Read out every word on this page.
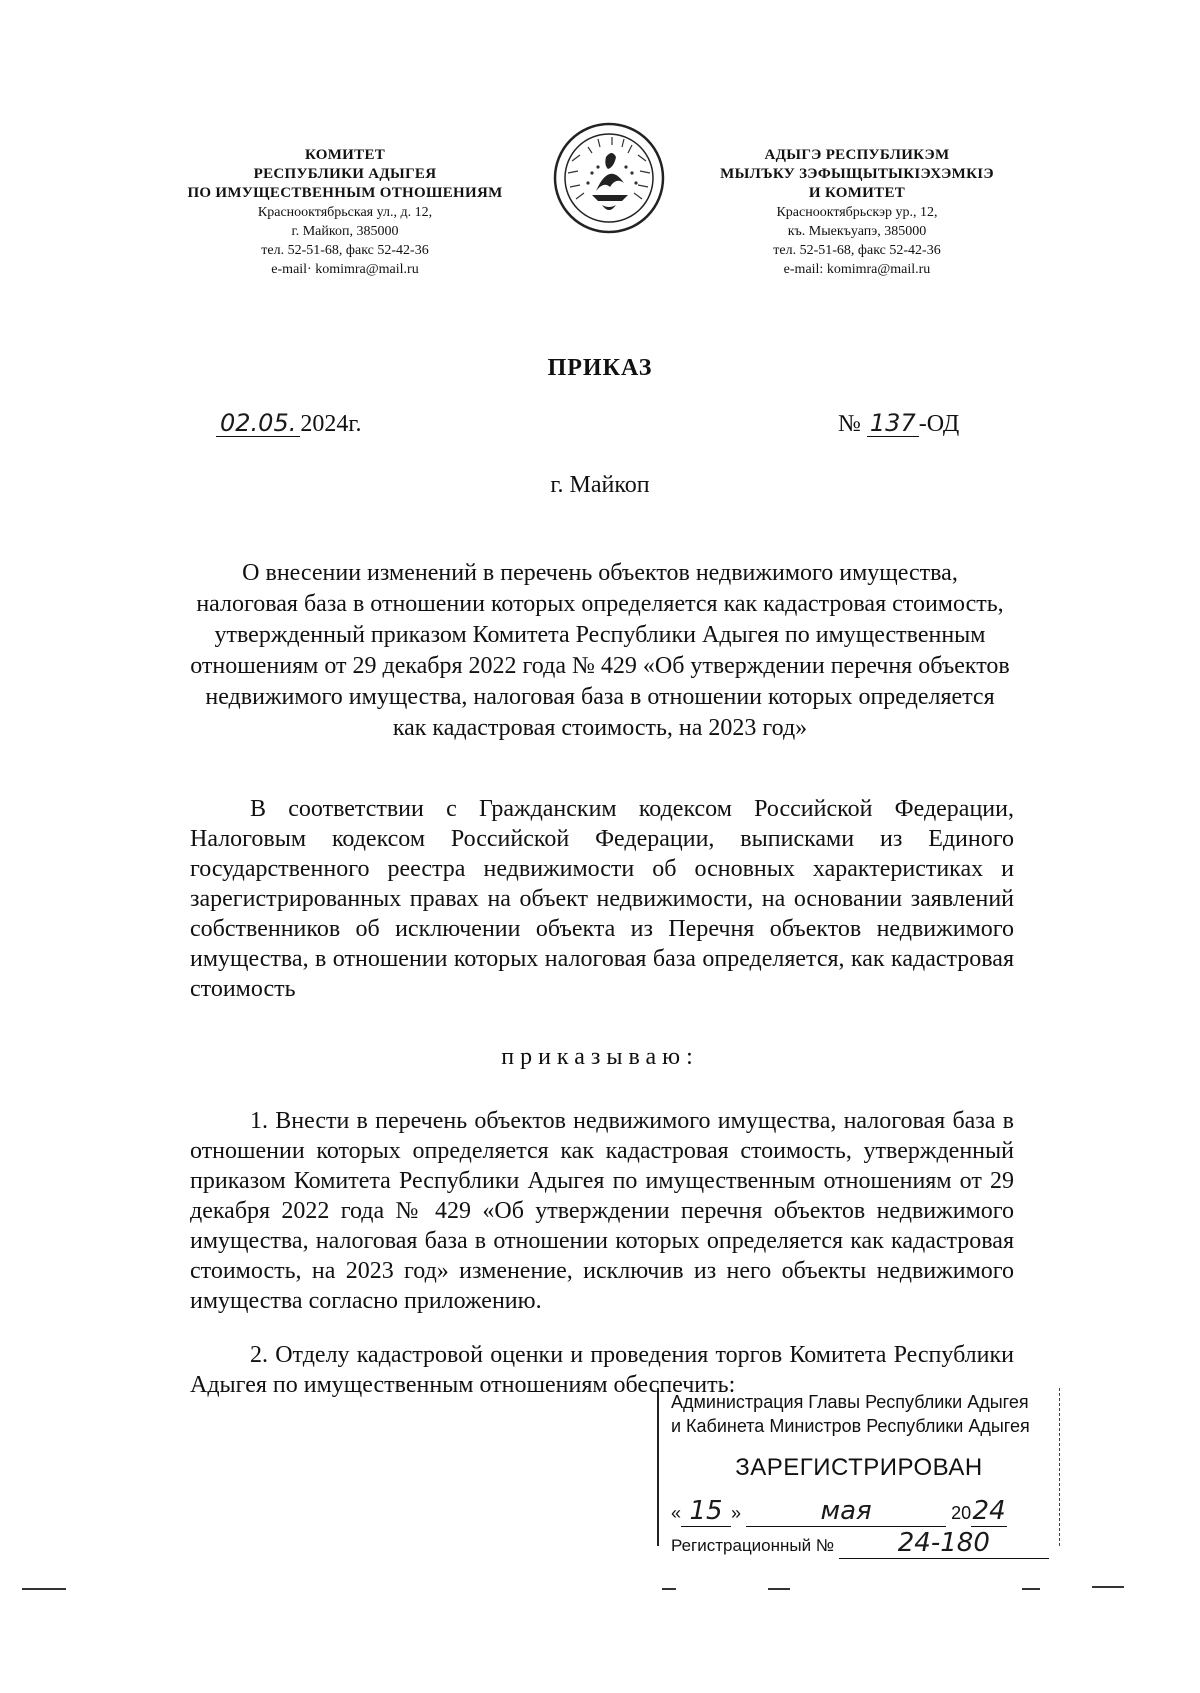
КОМИТЕТ
РЕСПУБЛИКИ АДЫГЕЯ
ПО ИМУЩЕСТВЕННЫМ ОТНОШЕНИЯМ
Краснооктябрьская ул., д. 12,
г. Майкоп, 385000
тел. 52-51-68, факс 52-42-36
e-mail· komimra@mail.ru
АДЫГЭ РЕСПУБЛИКЭМ
МЫЛЪКУ ЗЭФЫЩЫТЫКІЭХЭМКІЭ
И КОМИТЕТ
Краснооктябрьскэр ур., 12,
къ. Мыекъуапэ, 385000
тел. 52-51-68, факс 52-42-36
e-mail: komimra@mail.ru
ПРИКАЗ
02.05. 2024г.	№ 137 -ОД
г. Майкоп
О внесении изменений в перечень объектов недвижимого имущества, налоговая база в отношении которых определяется как кадастровая стоимость, утвержденный приказом Комитета Республики Адыгея по имущественным отношениям от 29 декабря 2022 года № 429 «Об утверждении перечня объектов недвижимого имущества, налоговая база в отношении которых определяется как кадастровая стоимость, на 2023 год»
В соответствии с Гражданским кодексом Российской Федерации, Налоговым кодексом Российской Федерации, выписками из Единого государственного реестра недвижимости об основных характеристиках и зарегистрированных правах на объект недвижимости, на основании заявлений собственников об исключении объекта из Перечня объектов недвижимого имущества, в отношении которых налоговая база определяется, как кадастровая стоимость
приказываю:
1. Внести в перечень объектов недвижимого имущества, налоговая база в отношении которых определяется как кадастровая стоимость, утвержденный приказом Комитета Республики Адыгея по имущественным отношениям от 29 декабря 2022 года № 429 «Об утверждении перечня объектов недвижимого имущества, налоговая база в отношении которых определяется как кадастровая стоимость, на 2023 год» изменение, исключив из него объекты недвижимого имущества согласно приложению.
2. Отделу кадастровой оценки и проведения торгов Комитета Республики Адыгея по имущественным отношениям обеспечить:
Администрация Главы Республики Адыгея
и Кабинета Министров Республики Адыгея
ЗАРЕГИСТРИРОВАН
« 15 »	мая	2024
Регистрационный № 24-180
